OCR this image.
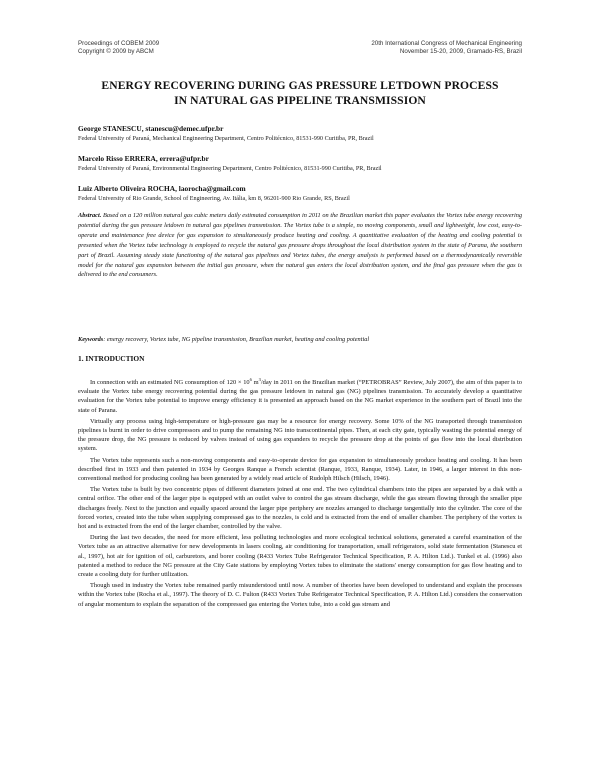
Proceedings of COBEM 2009
Copyright © 2009 by ABCM
20th International Congress of Mechanical Engineering
November 15-20, 2009, Gramado-RS, Brazil
ENERGY RECOVERING DURING GAS PRESSURE LETDOWN PROCESS
IN NATURAL GAS PIPELINE TRANSMISSION
George STANESCU, stanescu@demec.ufpr.br
Federal University of Paraná, Mechanical Engineering Department, Centro Politécnico, 81531-990 Curitiba, PR, Brazil
Marcelo Risso ERRERA, errera@ufpr.br
Federal University of Paraná, Environmental Engineering Department, Centro Politécnico, 81531-990 Curitiba, PR, Brazil
Luiz Alberto Oliveira ROCHA, laorocha@gmail.com
Federal University of Rio Grande, School of Engineering, Av. Itália, km 8, 96201-900 Rio Grande, RS, Brazil
Abstract. Based on a 120 million natural gas cubic meters daily estimated consumption in 2011 on the Brazilian market this paper evaluates the Vortex tube energy recovering potential during the gas pressure letdown in natural gas pipelines transmission. The Vortex tube is a simple, no moving components, small and lightweight, low cost, easy-to-operate and maintenance free device for gas expansion to simultaneously produce heating and cooling. A quantitative evaluation of the heating and cooling potential is presented when the Vortex tube technology is employed to recycle the natural gas pressure drops throughout the local distribution system in the state of Parana, the southern part of Brazil. Assuming steady state functioning of the natural gas pipelines and Vortex tubes, the energy analysis is performed based on a thermodynamically reversible model for the natural gas expansion between the initial gas pressure, when the natural gas enters the local distribution system, and the final gas pressure when the gas is delivered to the end consumers.
Keywords: energy recovery, Vortex tube, NG pipeline transmission, Brazilian market, heating and cooling potential
1. INTRODUCTION

In connection with an estimated NG consumption of $120 \times 10^6$ $m^3$/day in 2011 on the Brazilian market (“PETROBRAS” Review, July 2007), the aim of this paper is to evaluate the Vortex tube energy recovering potential during the gas pressure letdown in natural gas (NG) pipelines transmission. To accurately develop a quantitative evaluation for the Vortex tube potential to improve energy efficiency it is presented an approach based on the NG market experience in the southern part of Brazil into the state of Parana.

Virtually any process using high-temperature or high-pressure gas may be a resource for energy recovery. Some 10% of the NG transported through transmission pipelines is burnt in order to drive compressors and to pump the remaining NG into transcontinental pipes. Then, at each city gate, typically wasting the potential energy of the pressure drop, the NG pressure is reduced by valves instead of using gas expanders to recycle the pressure drop at the points of gas flow into the local distribution system.

The Vortex tube represents such a non-moving components and easy-to-operate device for gas expansion to simultaneously produce heating and cooling. It has been described first in 1933 and then patented in 1934 by Georges Ranque a French scientist (Ranque, 1933, Ranque, 1934). Later, in 1946, a larger interest in this non-conventional method for producing cooling has been generated by a widely read article of Rudolph Hilsch (Hilsch, 1946).

The Vortex tube is built by two concentric pipes of different diameters joined at one end. The two cylindrical chambers into the pipes are separated by a disk with a central orifice. The other end of the larger pipe is equipped with an outlet valve to control the gas stream discharge, while the gas stream flowing through the smaller pipe discharges freely. Next to the junction and equally spaced around the larger pipe periphery are nozzles arranged to discharge tangentially into the cylinder. The core of the forced vortex, created into the tube when supplying compressed gas to the nozzles, is cold and is extracted from the end of smaller chamber. The periphery of the vortex is hot and is extracted from the end of the larger chamber, controlled by the valve.

During the last two decades, the need for more efficient, less polluting technologies and more ecological technical solutions, generated a careful examination of the Vortex tube as an attractive alternative for new developments in lasers cooling, air conditioning for transportation, small refrigerators, solid state fermentation (Stanescu et al., 1997), hot air for ignition of oil, carburetors, and borer cooling (R433 Vortex Tube Refrigerator Technical Specification, P. A. Hilton Ltd.). Tunkel et al. (1996) also patented a method to reduce the NG pressure at the City Gate stations by employing Vortex tubes to eliminate the stations' energy consumption for gas flow heating and to create a cooling duty for further utilization.

Though used in industry the Vortex tube remained partly misunderstood until now. A number of theories have been developed to understand and explain the processes within the Vortex tube (Rocha et al., 1997). The theory of D. C. Fulton (R433 Vortex Tube Refrigerator Technical Specification, P. A. Hilton Ltd.) considers the conservation of angular momentum to explain the separation of the compressed gas entering the Vortex tube, into a cold gas stream and
